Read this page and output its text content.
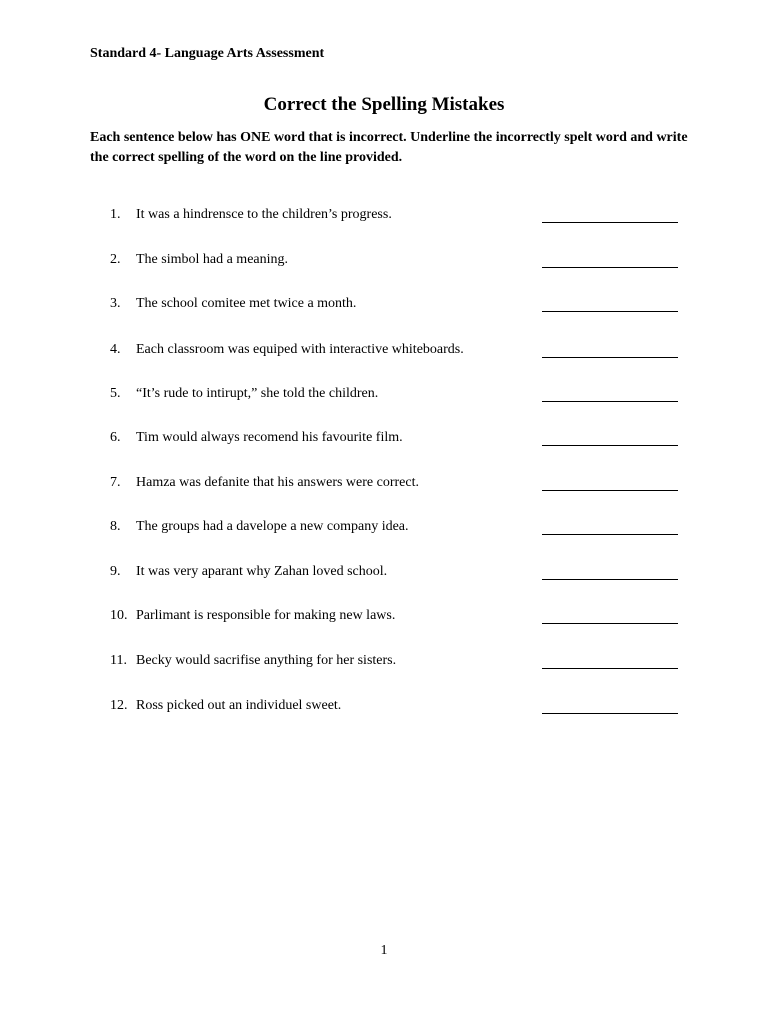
Standard 4- Language Arts Assessment
Correct the Spelling Mistakes
Each sentence below has ONE word that is incorrect. Underline the incorrectly spelt word and write the correct spelling of the word on the line provided.
1.	It was a hindrensce to the children’s progress.
2.	The simbol had a meaning.
3.	The school comitee met twice a month.
4.	Each classroom was equiped with interactive whiteboards.
5.	“It’s rude to intirupt,” she told the children.
6.	Tim would always recomend his favourite film.
7.	Hamza was defanite that his answers were correct.
8.	The groups had a davelope a new company idea.
9.	It was very aparant why Zahan loved school.
10. Parlimant is responsible for making new laws.
11. Becky would sacrifise anything for her sisters.
12. Ross picked out an individuel sweet.
1
